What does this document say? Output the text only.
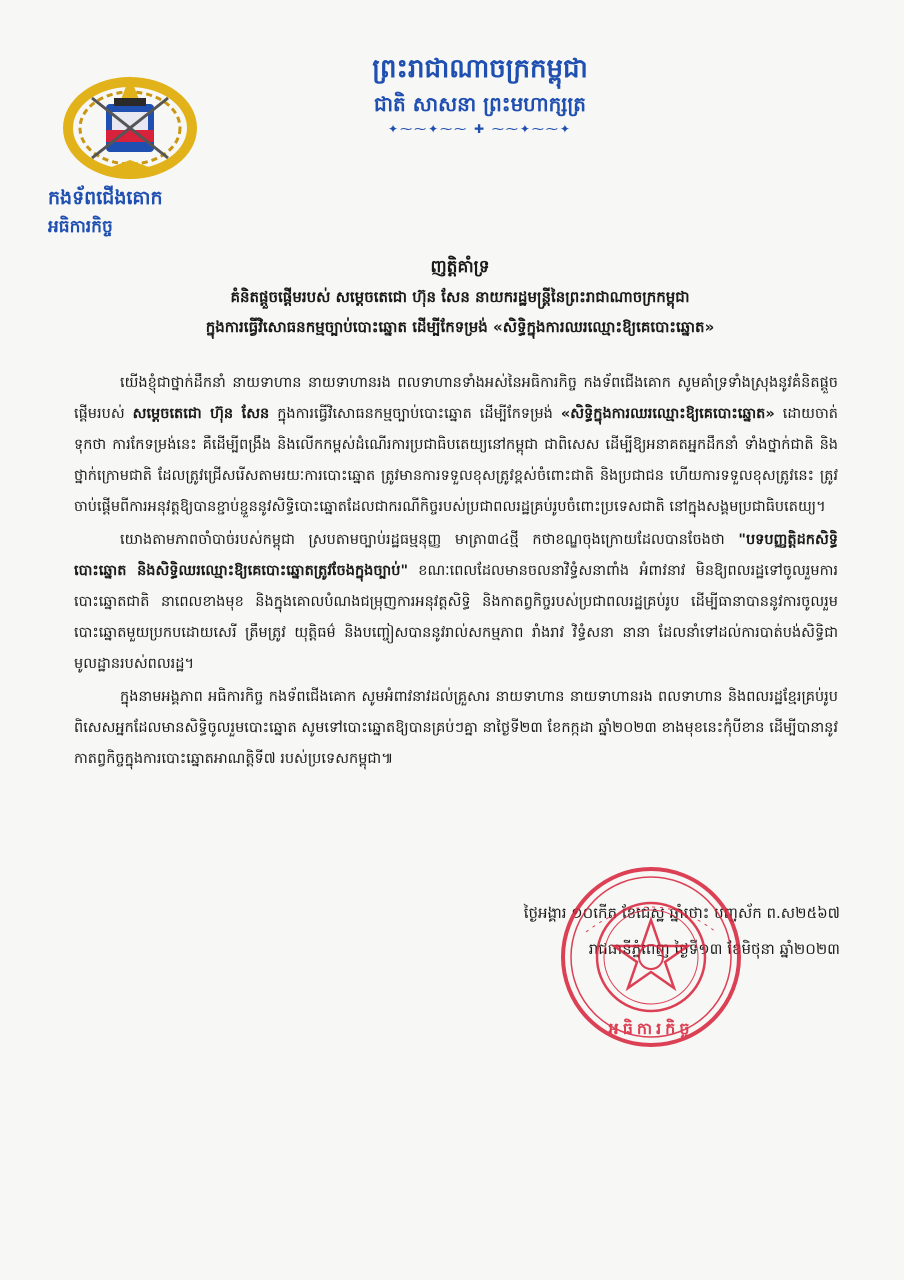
ព្រះរាជាណាចក្រកម្ពុជា
ជាតិ សាសនា ព្រះមហាក្សត្រ
✦⁓⁓✦⁓⁓ ✚ ⁓⁓✦⁓⁓✦
កងទ័ពជើងគោក
អធិការកិច្ច
ញត្តិគាំទ្រ
គំនិតផ្តួចផ្តើមរបស់ សម្តេចតេជោ ហ៊ុន សែន នាយករដ្ឋមន្ត្រីនៃព្រះរាជាណាចក្រកម្ពុជា
ក្នុងការធ្វើវិសោធនកម្មច្បាប់បោះឆ្នោត ដើម្បីកែទម្រង់ «សិទ្ធិក្នុងការឈរឈ្មោះឱ្យគេបោះឆ្នោត»

យើងខ្ញុំជាថ្នាក់ដឹកនាំ នាយទាហាន នាយទាហានរង ពលទាហានទាំងអស់នៃអធិការកិច្ច កងទ័ពជើងគោក សូមគាំទ្រទាំងស្រុងនូវគំនិតផ្តួចផ្តើមរបស់ សម្តេចតេជោ ហ៊ុន សែន ក្នុងការធ្វើវិសោធនកម្មច្បាប់បោះឆ្នោត ដើម្បីកែទម្រង់ «សិទ្ធិក្នុងការឈរឈ្មោះឱ្យគេបោះឆ្នោត» ដោយចាត់ទុកថា ការកែទម្រង់នេះ គឺដើម្បីពង្រឹង និងលើកកម្ពស់ដំណើរការប្រជាធិបតេយ្យនៅកម្ពុជា ជាពិសេស ដើម្បីឱ្យអនាគតអ្នកដឹកនាំ ទាំងថ្នាក់ជាតិ និងថ្នាក់ក្រោមជាតិ ដែលត្រូវជ្រើសរើសតាមរយៈការបោះឆ្នោត ត្រូវមានការទទួលខុសត្រូវខ្ពស់ចំពោះជាតិ និងប្រជាជន ហើយការទទួលខុសត្រូវនេះ ត្រូវចាប់ផ្តើមពីការអនុវត្តឱ្យបានខ្ជាប់ខ្ជួននូវសិទ្ធិបោះឆ្នោតដែលជាករណីកិច្ចរបស់ប្រជាពលរដ្ឋគ្រប់រូបចំពោះប្រទេសជាតិ នៅក្នុងសង្គមប្រជាធិបតេយ្យ។

យោងតាមភាពចាំបាច់របស់កម្ពុជា ស្របតាមច្បាប់រដ្ឋធម្មនុញ្ញ មាត្រា៣៤ថ្មី កថាខណ្ឌចុងក្រោយដែលបានចែងថា "បទបញ្ញត្តិដកសិទ្ធិបោះឆ្នោត និងសិទ្ធិឈរឈ្មោះឱ្យគេបោះឆ្នោតត្រូវចែងក្នុងច្បាប់" ខណៈពេលដែលមានចលនាវិទ្ធំសនាពាំង អំពាវនាវ មិនឱ្យពលរដ្ឋទៅចូលរួមការបោះឆ្នោតជាតិ នាពេលខាងមុខ និងក្នុងគោលបំណងជម្រុញការអនុវត្តសិទ្ធិ និងកាតព្វកិច្ចរបស់ប្រជាពលរដ្ឋគ្រប់រូប ដើម្បីធានាបាននូវការចូលរួមបោះឆ្នោតមួយប្រកបដោយសេរី ត្រឹមត្រូវ យុត្តិធម៌ និងបញ្ចៀសបាននូវរាល់សកម្មភាព រាំងរាវ វិទ្ធំសនា នានា ដែលនាំទៅដល់ការបាត់បង់សិទ្ធិជាមូលដ្ឋានរបស់ពលរដ្ឋ។

ក្នុងនាមអង្គភាព អធិការកិច្ច កងទ័ពជើងគោក សូមអំពាវនាវដល់គ្រួសារ នាយទាហាន នាយទាហានរង ពលទាហាន និងពលរដ្ឋខ្មែរគ្រប់រូប ពិសេសអ្នកដែលមានសិទ្ធិចូលរួមបោះឆ្នោត សូមទៅបោះឆ្នោតឱ្យបានគ្រប់ៗគ្នា នាថ្ងៃទី២៣ ខែកក្កដា ឆ្នាំ២០២៣ ខាងមុខនេះកុំបីខាន ដើម្បីបានានូវកាតព្វកិច្ចក្នុងការបោះឆ្នោតអាណត្តិទី៧ របស់ប្រទេសកម្ពុជា៕

ថ្ងៃអង្គារ ១០កើត ខែជេស្ឋ ឆ្នាំថោះ បញ្ចស័ក ព.ស២៥៦៧
រាជធានីភ្នំពេញ ថ្ងៃទី១៣ ខែមិថុនា ឆ្នាំ២០២៣
អធិការកិច្ច
